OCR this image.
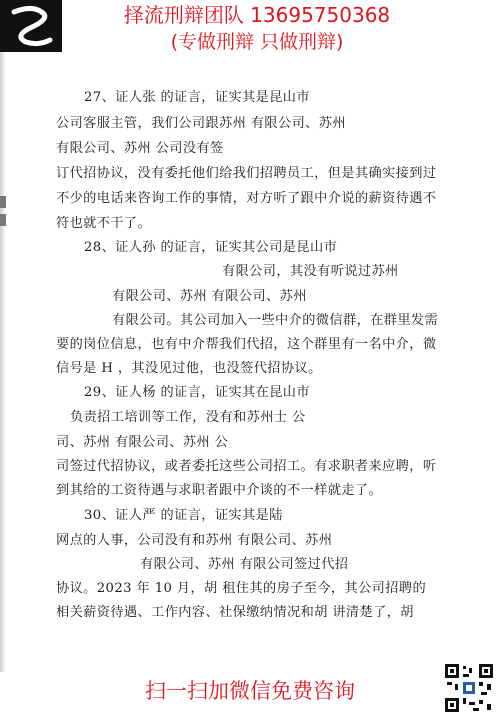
择流刑辩团队 13695750368
(专做刑辩 只做刑辩)
27、证人张 的证言，证实其是昆山市
公司客服主管，我们公司跟苏州 有限公司、苏州
有限公司、苏州 公司没有签
订代招协议，没有委托他们给我们招聘员工，但是其确实接到过
不少的电话来咨询工作的事情，对方听了跟中介说的薪资待遇不
符也就不干了。
28、证人孙 的证言，证实其公司是昆山市
有限公司，其没有听说过苏州
有限公司、苏州 有限公司、苏州
有限公司。其公司加入一些中介的微信群，在群里发需
要的岗位信息，也有中介帮我们代招，这个群里有一名中介，微
信号是 H ，其没见过他，也没签代招协议。
29、证人杨 的证言，证实其在昆山市
负责招工培训等工作，没有和苏州士 公
司、苏州 有限公司、苏州 公
司签过代招协议，或者委托这些公司招工。有求职者来应聘，听
到其给的工资待遇与求职者跟中介谈的不一样就走了。
30、证人严 的证言，证实其是陆
网点的人事，公司没有和苏州 有限公司、苏州
有限公司、苏州 有限公司签过代招
协议。2023 年 10 月，胡 租住其的房子至今，其公司招聘的
相关薪资待遇、工作内容、社保缴纳情况和胡 讲清楚了，胡
扫一扫加微信免费咨询
